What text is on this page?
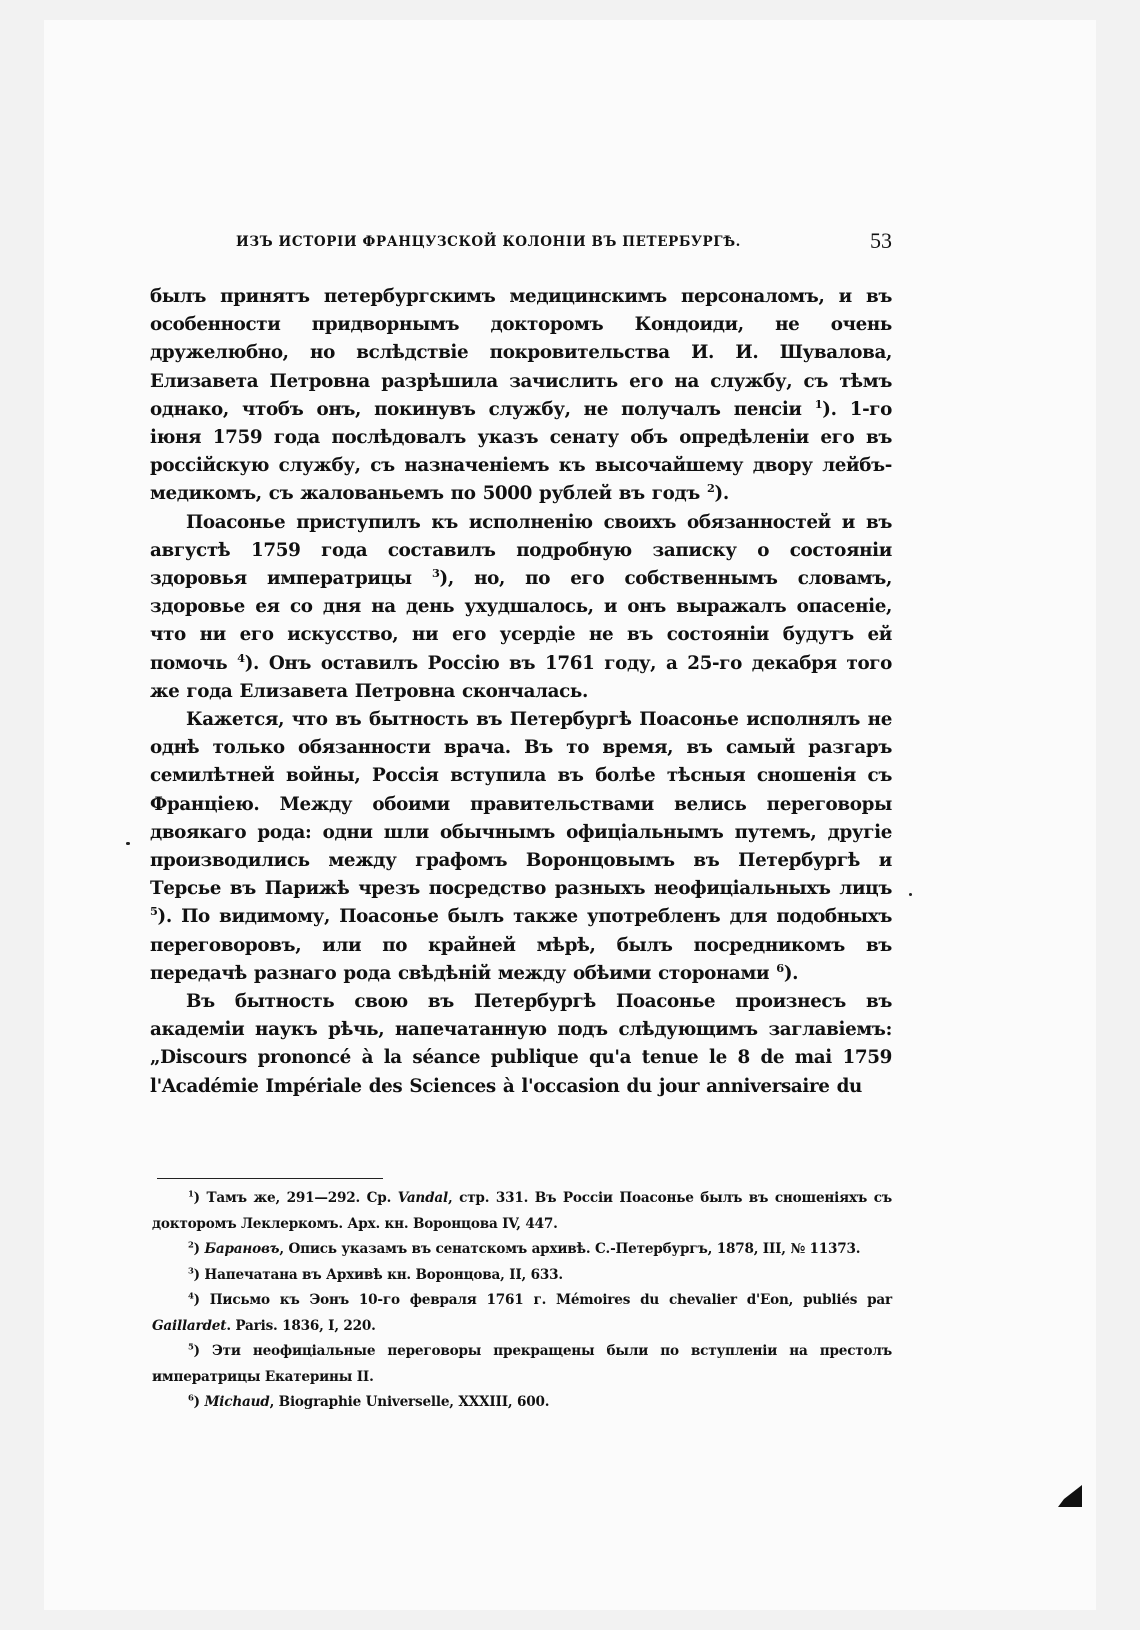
ИЗЪ ИСТОРІИ ФРАНЦУЗСКОЙ КОЛОНІИ ВЪ ПЕТЕРБУРГѢ.	53

былъ принятъ петербургскимъ медицинскимъ персоналомъ, и въ особенности придворнымъ докторомъ Кондоиди, не очень дружелюбно, но вслѣдствіе покровительства И. И. Шувалова, Елизавета Петровна разрѣшила зачислить его на службу, съ тѣмъ однако, чтобъ онъ, покинувъ службу, не получалъ пенсіи $^1$). 1-го іюня 1759 года послѣдовалъ указъ сенату объ опредѣленіи его въ россійскую службу, съ назначеніемъ къ высочайшему двору лейбъ-медикомъ, съ жалованьемъ по 5000 рублей въ годъ $^2$).

Поасонье приступилъ къ исполненію своихъ обязанностей и въ августѣ 1759 года составилъ подробную записку о состояніи здоровья императрицы $^3$), но, по его собственнымъ словамъ, здоровье ея со дня на день ухудшалось, и онъ выражалъ опасеніе, что ни его искусство, ни его усердіе не въ состояніи будутъ ей помочь $^4$). Онъ оставилъ Россію въ 1761 году, а 25-го декабря того же года Елизавета Петровна скончалась.

Кажется, что въ бытность въ Петербургѣ Поасонье исполнялъ не однѣ только обязанности врача. Въ то время, въ самый разгаръ семилѣтней войны, Россія вступила въ болѣе тѣсныя сношенія съ Франціею. Между обоими правительствами велись переговоры двоякаго рода: одни шли обычнымъ офиціальнымъ путемъ, другіе производились между графомъ Воронцовымъ въ Петербургѣ и Терсье въ Парижѣ чрезъ посредство разныхъ неофиціальныхъ лицъ $^5$). По видимому, Поасонье былъ также употребленъ для подобныхъ переговоровъ, или по крайней мѣрѣ, былъ посредникомъ въ передачѣ разнаго рода свѣдѣній между обѣими сторонами $^6$).

Въ бытность свою въ Петербургѣ Поасонье произнесъ въ академіи наукъ рѣчь, напечатанную подъ слѣдующимъ заглавіемъ: „Discours prononcé à la séance publique qu'a tenue le 8 de mai 1759 l'Académie Impériale des Sciences à l'occasion du jour anniversaire du

$^1$) Тамъ же, 291—292. Ср. Vandal, стр. 331. Въ Россіи Поасонье былъ въ сношеніяхъ съ докторомъ Леклеркомъ. Арх. кн. Воронцова IV, 447.

$^2$) Барановъ, Опись указамъ въ сенатскомъ архивѣ. С.-Петербургъ, 1878, III, № 11373.

$^3$) Напечатана въ Архивѣ кн. Воронцова, II, 633.

$^4$) Письмо къ Эонъ 10-го февраля 1761 г. Mémoires du chevalier d'Eon, publiés par Gaillardet. Paris. 1836, I, 220.

$^5$) Эти неофиціальные переговоры прекращены были по вступленіи на престолъ императрицы Екатерины II.

$^6$) Michaud, Biographie Universelle, XXXIII, 600.
